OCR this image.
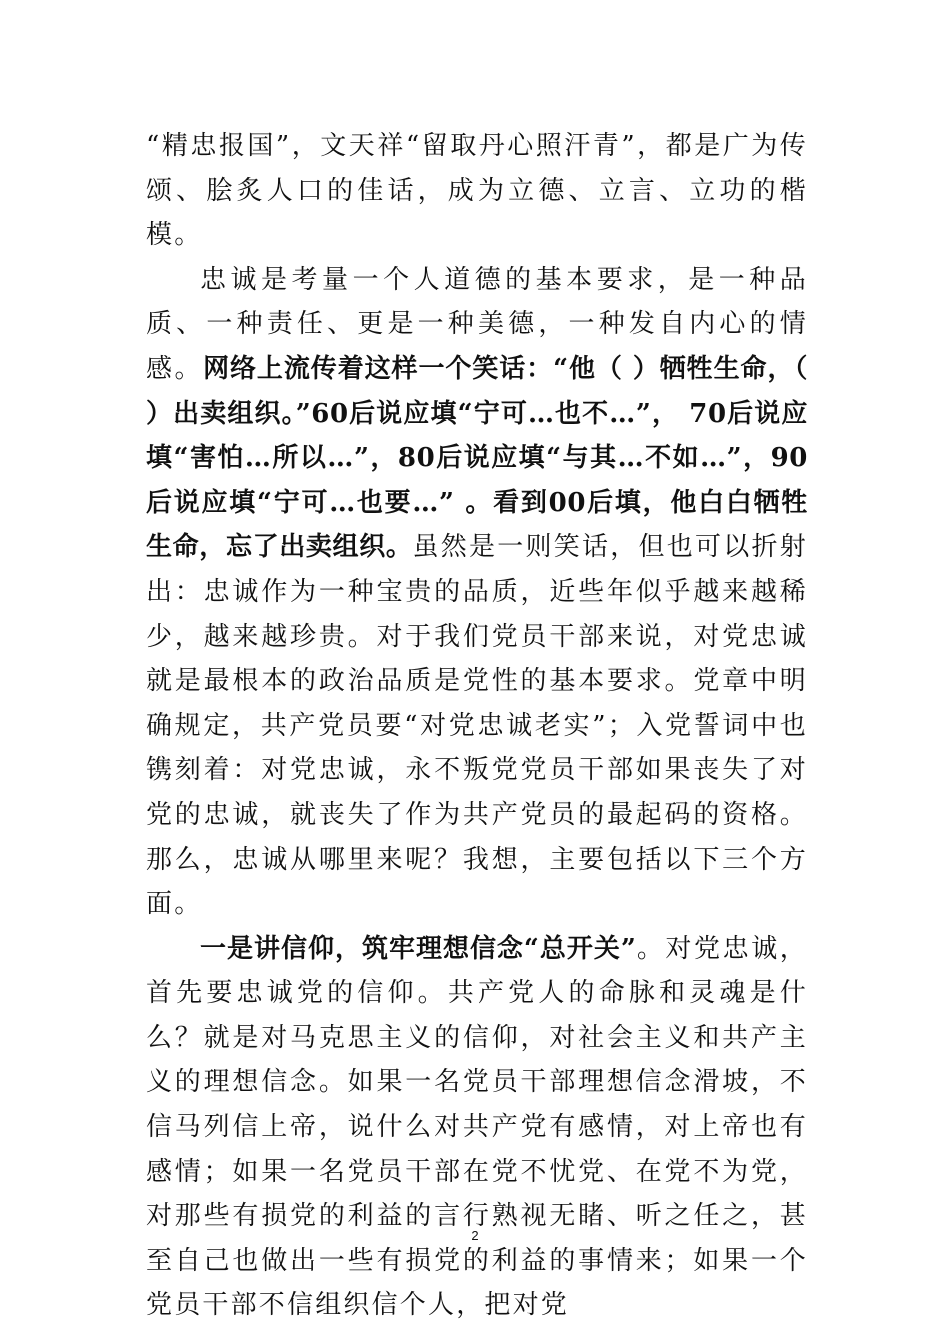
“精忠报国”，文天祥“留取丹心照汗青”，都是广为传颂、脍炙人口的佳话，成为立德、立言、立功的楷模。

忠诚是考量一个人道德的基本要求，是一种品质、一种责任、更是一种美德，一种发自内心的情感。网络上流传着这样一个笑话：“他（ ）牺牲生命，（ ）出卖组织。”60后说应填“宁可…也不…”， 70后说应填“害怕…所以…”，80后说应填“与其…不如…”，90后说应填“宁可…也要…” 。看到00后填，他白白牺牲生命，忘了出卖组织。虽然是一则笑话，但也可以折射出：忠诚作为一种宝贵的品质，近些年似乎越来越稀少，越来越珍贵。对于我们党员干部来说，对党忠诚就是最根本的政治品质是党性的基本要求。党章中明确规定，共产党员要“对党忠诚老实”；入党誓词中也镌刻着：对党忠诚，永不叛党党员干部如果丧失了对党的忠诚，就丧失了作为共产党员的最起码的资格。那么，忠诚从哪里来呢？我想，主要包括以下三个方面。

一是讲信仰，筑牢理想信念“总开关”。对党忠诚，首先要忠诚党的信仰。共产党人的命脉和灵魂是什么？就是对马克思主义的信仰，对社会主义和共产主义的理想信念。如果一名党员干部理想信念滑坡，不信马列信上帝，说什么对共产党有感情，对上帝也有感情；如果一名党员干部在党不忧党、在党不为党，对那些有损党的利益的言行熟视无睹、听之任之，甚至自己也做出一些有损党的利益的事情来；如果一个党员干部不信组织信个人，把对党

2
